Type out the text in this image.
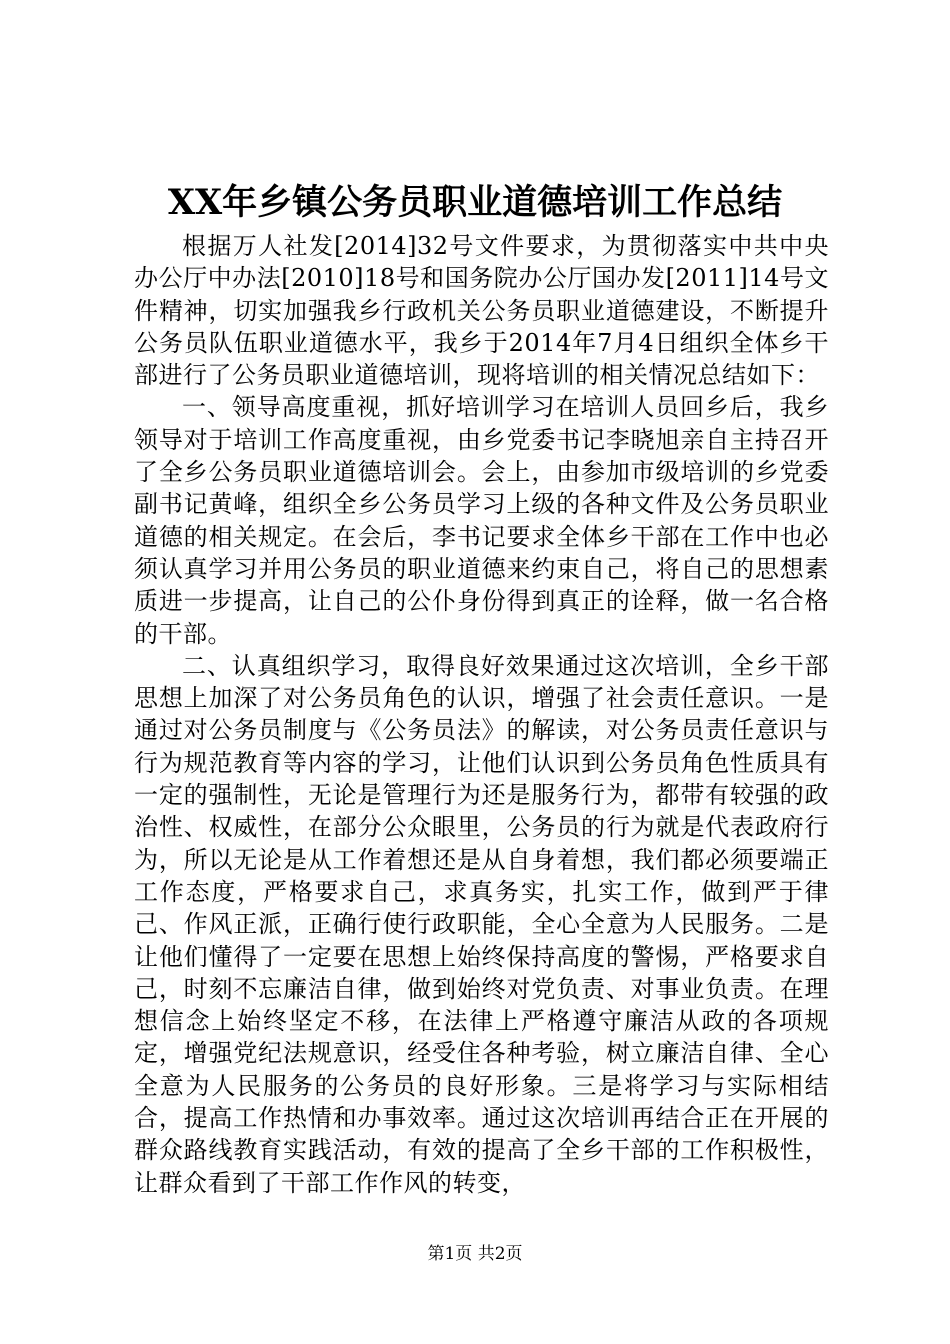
XX年乡镇公务员职业道德培训工作总结

根据万人社发[2014]32号文件要求，为贯彻落实中共中央办公厅中办法[2010]18号和国务院办公厅国办发[2011]14号文件精神，切实加强我乡行政机关公务员职业道德建设，不断提升公务员队伍职业道德水平，我乡于2014年7月4日组织全体乡干部进行了公务员职业道德培训，现将培训的相关情况总结如下：

一、领导高度重视，抓好培训学习在培训人员回乡后，我乡领导对于培训工作高度重视，由乡党委书记李晓旭亲自主持召开了全乡公务员职业道德培训会。会上，由参加市级培训的乡党委副书记黄峰，组织全乡公务员学习上级的各种文件及公务员职业道德的相关规定。在会后，李书记要求全体乡干部在工作中也必须认真学习并用公务员的职业道德来约束自己，将自己的思想素质进一步提高，让自己的公仆身份得到真正的诠释，做一名合格的干部。

二、认真组织学习，取得良好效果通过这次培训，全乡干部思想上加深了对公务员角色的认识，增强了社会责任意识。一是通过对公务员制度与《公务员法》的解读，对公务员责任意识与行为规范教育等内容的学习，让他们认识到公务员角色性质具有一定的强制性，无论是管理行为还是服务行为，都带有较强的政治性、权威性，在部分公众眼里，公务员的行为就是代表政府行为，所以无论是从工作着想还是从自身着想，我们都必须要端正工作态度，严格要求自己，求真务实，扎实工作，做到严于律己、作风正派，正确行使行政职能，全心全意为人民服务。二是让他们懂得了一定要在思想上始终保持高度的警惕，严格要求自己，时刻不忘廉洁自律，做到始终对党负责、对事业负责。在理想信念上始终坚定不移，在法律上严格遵守廉洁从政的各项规定，增强党纪法规意识，经受住各种考验，树立廉洁自律、全心全意为人民服务的公务员的良好形象。三是将学习与实际相结合，提高工作热情和办事效率。通过这次培训再结合正在开展的群众路线教育实践活动，有效的提高了全乡干部的工作积极性，让群众看到了干部工作作风的转变，

第1页 共2页
